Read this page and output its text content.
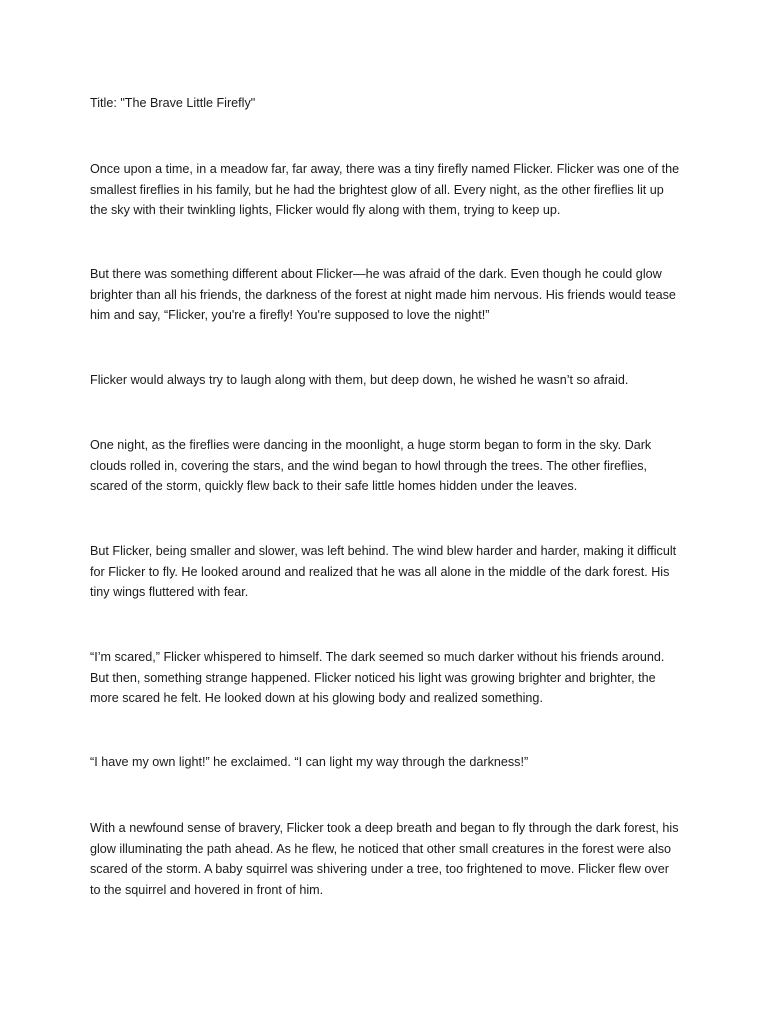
Title: "The Brave Little Firefly"

Once upon a time, in a meadow far, far away, there was a tiny firefly named Flicker. Flicker was one of the smallest fireflies in his family, but he had the brightest glow of all. Every night, as the other fireflies lit up the sky with their twinkling lights, Flicker would fly along with them, trying to keep up.

But there was something different about Flicker—he was afraid of the dark. Even though he could glow brighter than all his friends, the darkness of the forest at night made him nervous. His friends would tease him and say, “Flicker, you're a firefly! You're supposed to love the night!”

Flicker would always try to laugh along with them, but deep down, he wished he wasn’t so afraid.

One night, as the fireflies were dancing in the moonlight, a huge storm began to form in the sky. Dark clouds rolled in, covering the stars, and the wind began to howl through the trees. The other fireflies, scared of the storm, quickly flew back to their safe little homes hidden under the leaves.

But Flicker, being smaller and slower, was left behind. The wind blew harder and harder, making it difficult for Flicker to fly. He looked around and realized that he was all alone in the middle of the dark forest. His tiny wings fluttered with fear.

“I’m scared,” Flicker whispered to himself. The dark seemed so much darker without his friends around. But then, something strange happened. Flicker noticed his light was growing brighter and brighter, the more scared he felt. He looked down at his glowing body and realized something.

“I have my own light!” he exclaimed. “I can light my way through the darkness!”

With a newfound sense of bravery, Flicker took a deep breath and began to fly through the dark forest, his glow illuminating the path ahead. As he flew, he noticed that other small creatures in the forest were also scared of the storm. A baby squirrel was shivering under a tree, too frightened to move. Flicker flew over to the squirrel and hovered in front of him.
